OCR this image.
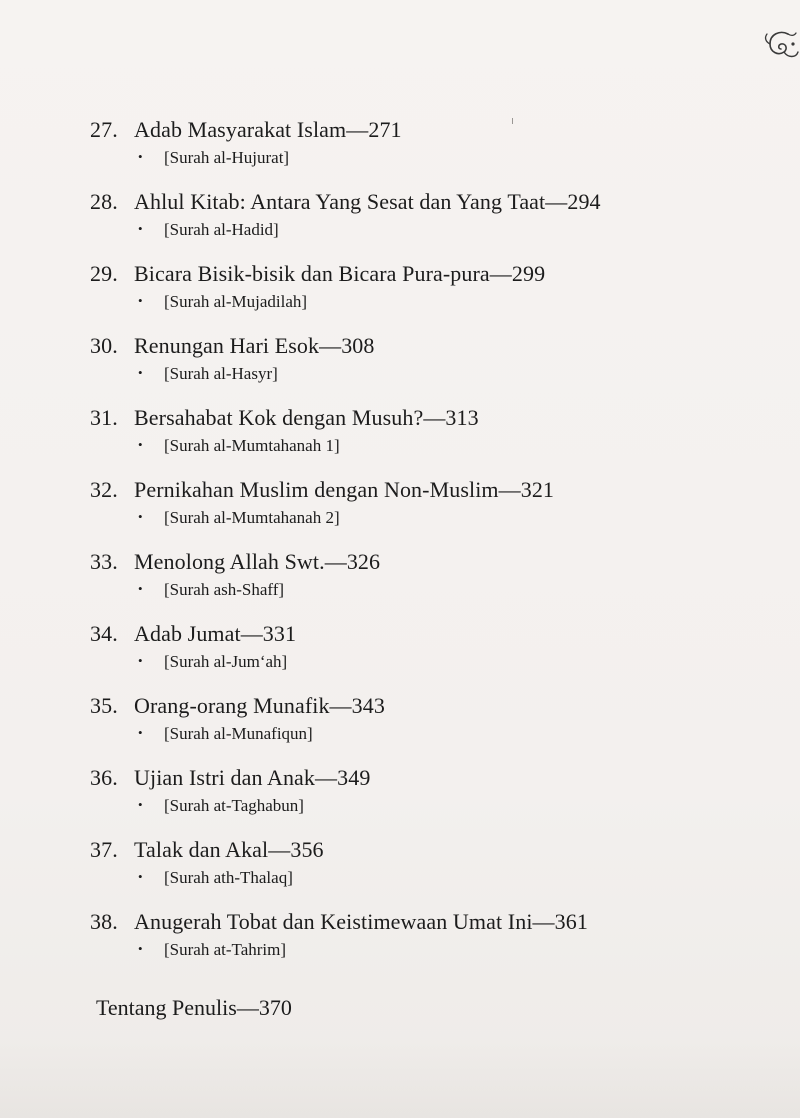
27. Adab Masyarakat Islam—271
•	[Surah al-Hujurat]
28. Ahlul Kitab: Antara Yang Sesat dan Yang Taat—294
•	[Surah al-Hadid]
29. Bicara Bisik-bisik dan Bicara Pura-pura—299
•	[Surah al-Mujadilah]
30. Renungan Hari Esok—308
•	[Surah al-Hasyr]
31. Bersahabat Kok dengan Musuh?—313
•	[Surah al-Mumtahanah 1]
32. Pernikahan Muslim dengan Non-Muslim—321
•	[Surah al-Mumtahanah 2]
33. Menolong Allah Swt.—326
•	[Surah ash-Shaff]
34. Adab Jumat—331
•	[Surah al-Jum‘ah]
35. Orang-orang Munafik—343
•	[Surah al-Munafiqun]
36. Ujian Istri dan Anak—349
•	[Surah at-Taghabun]
37. Talak dan Akal—356
•	[Surah ath-Thalaq]
38. Anugerah Tobat dan Keistimewaan Umat Ini—361
•	[Surah at-Tahrim]
Tentang Penulis—370
